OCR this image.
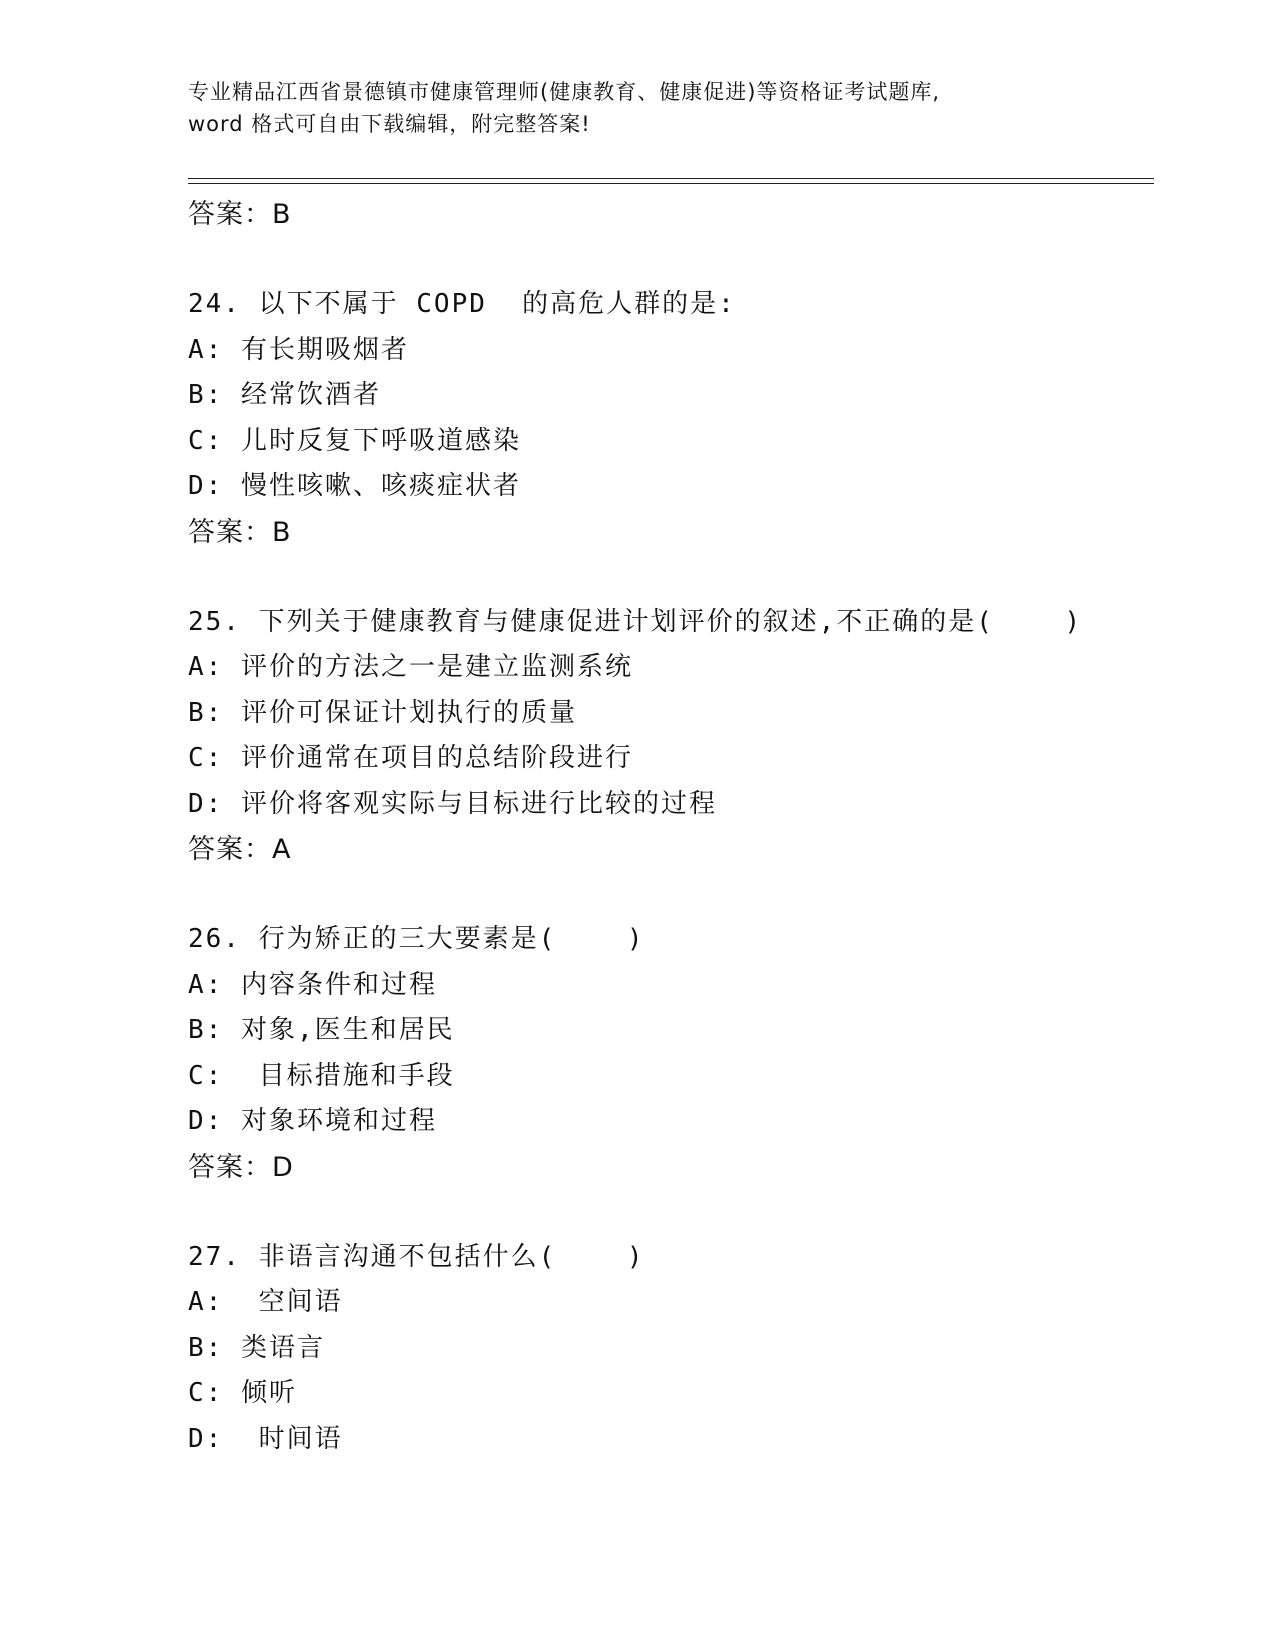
专业精品江西省景德镇市健康管理师(健康教育、健康促进)等资格证考试题库,
word 格式可自由下载编辑，附完整答案!
答案：B
24. 以下不属于 COPD  的高危人群的是:
A: 有长期吸烟者
B: 经常饮酒者
C: 儿时反复下呼吸道感染
D: 慢性咳嗽、咳痰症状者
答案：B
25. 下列关于健康教育与健康促进计划评价的叙述,不正确的是(    )
A: 评价的方法之一是建立监测系统
B: 评价可保证计划执行的质量
C: 评价通常在项目的总结阶段进行
D: 评价将客观实际与目标进行比较的过程
答案：A
26. 行为矫正的三大要素是(    )
A: 内容条件和过程
B: 对象,医生和居民
C:  目标措施和手段
D: 对象环境和过程
答案：D
27. 非语言沟通不包括什么(    )
A:  空间语
B: 类语言
C: 倾听
D:  时间语
